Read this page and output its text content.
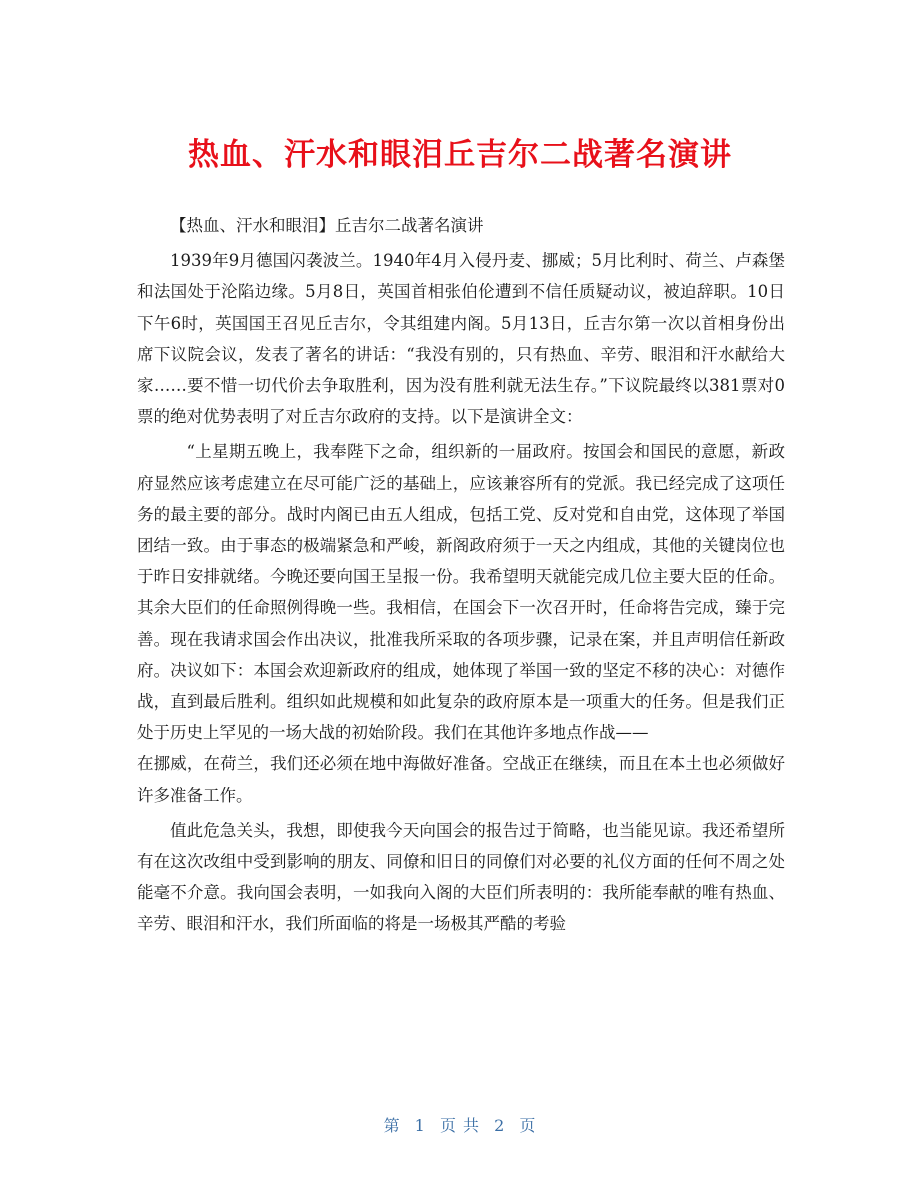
热血、汗水和眼泪丘吉尔二战著名演讲

【热血、汗水和眼泪】丘吉尔二战著名演讲

1939年9月德国闪袭波兰。1940年4月入侵丹麦、挪威；5月比利时、荷兰、卢森堡和法国处于沦陷边缘。5月8日，英国首相张伯伦遭到不信任质疑动议，被迫辞职。10日下午6时，英国国王召见丘吉尔，令其组建内阁。5月13日，丘吉尔第一次以首相身份出席下议院会议，发表了著名的讲话：“我没有别的，只有热血、辛劳、眼泪和汗水献给大家……要不惜一切代价去争取胜利，因为没有胜利就无法生存。”下议院最终以381票对0票的绝对优势表明了对丘吉尔政府的支持。以下是演讲全文：

“上星期五晚上，我奉陛下之命，组织新的一届政府。按国会和国民的意愿，新政府显然应该考虑建立在尽可能广泛的基础上，应该兼容所有的党派。我已经完成了这项任务的最主要的部分。战时内阁已由五人组成，包括工党、反对党和自由党，这体现了举国团结一致。由于事态的极端紧急和严峻，新阁政府须于一天之内组成，其他的关键岗位也于昨日安排就绪。今晚还要向国王呈报一份。我希望明天就能完成几位主要大臣的任命。其余大臣们的任命照例得晚一些。我相信，在国会下一次召开时，任命将告完成，臻于完善。现在我请求国会作出决议，批准我所采取的各项步骤，记录在案，并且声明信任新政府。决议如下：本国会欢迎新政府的组成，她体现了举国一致的坚定不移的决心：对德作战，直到最后胜利。组织如此规模和如此复杂的政府原本是一项重大的任务。但是我们正处于历史上罕见的一场大战的初始阶段。我们在其他许多地点作战——

在挪威，在荷兰，我们还必须在地中海做好准备。空战正在继续，而且在本土也必须做好许多准备工作。

值此危急关头，我想，即使我今天向国会的报告过于简略，也当能见谅。我还希望所有在这次改组中受到影响的朋友、同僚和旧日的同僚们对必要的礼仪方面的任何不周之处能毫不介意。我向国会表明，一如我向入阁的大臣们所表明的：我所能奉献的唯有热血、辛劳、眼泪和汗水，我们所面临的将是一场极其严酷的考验

第 1 页 共 2 页
